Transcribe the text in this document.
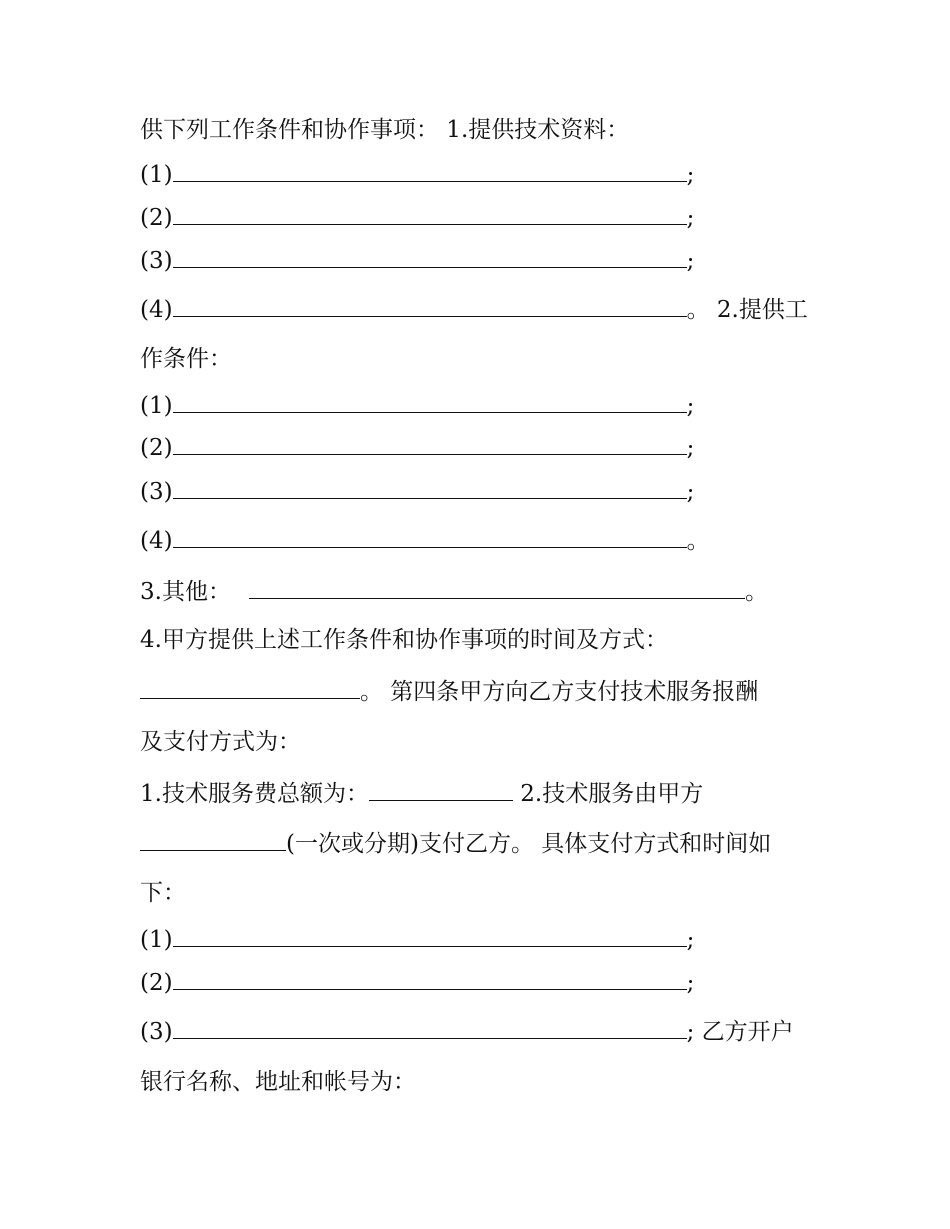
供下列工作条件和协作事项： 1.提供技术资料：
(1)	;
(2)	;
(3)	;
(4)	。 2.提供工
作条件：
(1)	;
(2)	;
(3)	;
(4)	。
3.其他：	。
4.甲方提供上述工作条件和协作事项的时间及方式：
。 第四条甲方向乙方支付技术服务报酬
及支付方式为：
1.技术服务费总额为：	2.技术服务由甲方
(一次或分期)支付乙方。 具体支付方式和时间如
下：
(1)	;
(2)	;
(3)	; 乙方开户
银行名称、地址和帐号为：
